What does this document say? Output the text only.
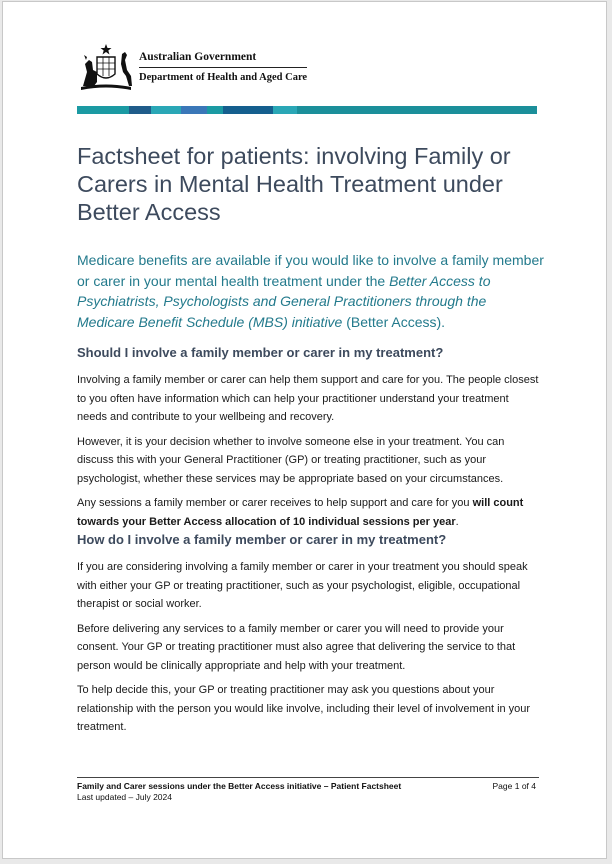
Australian Government
Department of Health and Aged Care
Factsheet for patients: involving Family or Carers in Mental Health Treatment under Better Access

Medicare benefits are available if you would like to involve a family member or carer in your mental health treatment under the Better Access to Psychiatrists, Psychologists and General Practitioners through the Medicare Benefit Schedule (MBS) initiative (Better Access).

Should I involve a family member or carer in my treatment?

Involving a family member or carer can help them support and care for you. The people closest to you often have information which can help your practitioner understand your treatment needs and contribute to your wellbeing and recovery.

However, it is your decision whether to involve someone else in your treatment. You can discuss this with your General Practitioner (GP) or treating practitioner, such as your psychologist, whether these services may be appropriate based on your circumstances.

Any sessions a family member or carer receives to help support and care for you will count towards your Better Access allocation of 10 individual sessions per year.

How do I involve a family member or carer in my treatment?

If you are considering involving a family member or carer in your treatment you should speak with either your GP or treating practitioner, such as your psychologist, eligible, occupational therapist or social worker.

Before delivering any services to a family member or carer you will need to provide your consent. Your GP or treating practitioner must also agree that delivering the service to that person would be clinically appropriate and help with your treatment.

To help decide this, your GP or treating practitioner may ask you questions about your relationship with the person you would like involve, including their level of involvement in your treatment.

Family and Carer sessions under the Better Access initiative – Patient Factsheet
Last updated – July 2024
Page 1 of 4
